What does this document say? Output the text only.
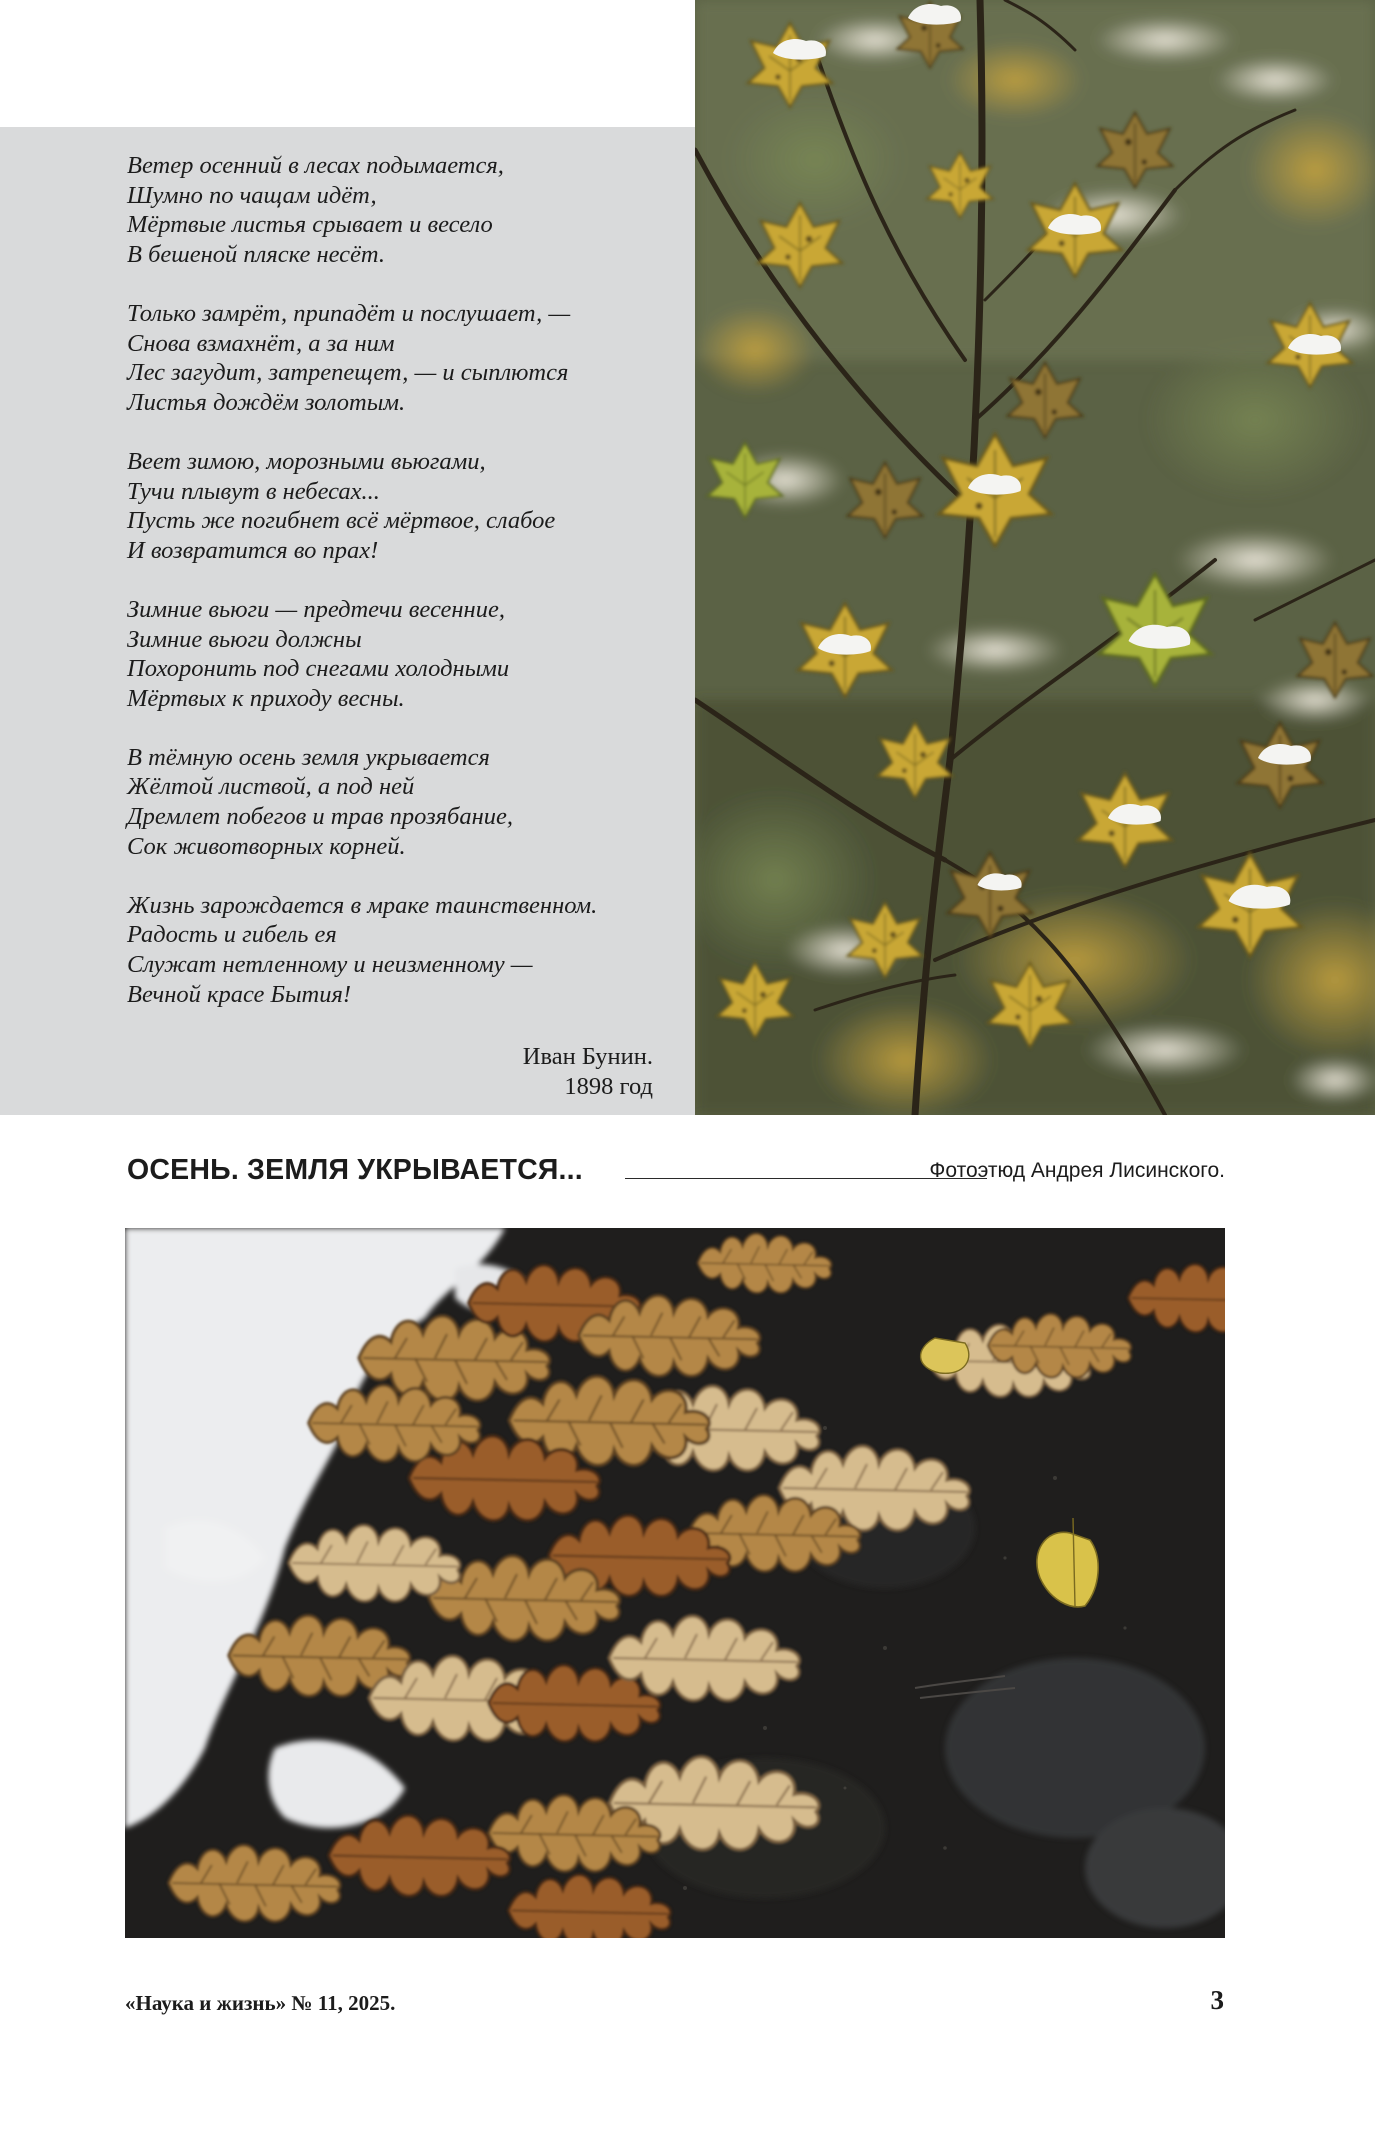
Ветер осенний в лесах подымается,
Шумно по чащам идёт,
Мёртвые листья срывает и весело
В бешеной пляске несёт.

Только замрёт, припадёт и послушает, —
Снова взмахнёт, а за ним
Лес загудит, затрепещет, — и сыплются
Листья дождём золотым.

Веет зимою, морозными вьюгами,
Тучи плывут в небесах...
Пусть же погибнет всё мёртвое, слабое
И возвратится во прах!

Зимние вьюги — предтечи весенние,
Зимние вьюги должны
Похоронить под снегами холодными
Мёртвых к приходу весны.

В тёмную осень земля укрывается
Жёлтой листвой, а под ней
Дремлет побегов и трав прозябание,
Сок животворных корней.

Жизнь зарождается в мраке таинственном.
Радость и гибель ея
Служат нетленному и неизменному —
Вечной красе Бытия!

Иван Бунин.
1898 год
ОСЕНЬ. ЗЕМЛЯ УКРЫВАЕТСЯ...	Фотоэтюд Андрея Лисинского.
«Наука и жизнь» № 11, 2025.	3
